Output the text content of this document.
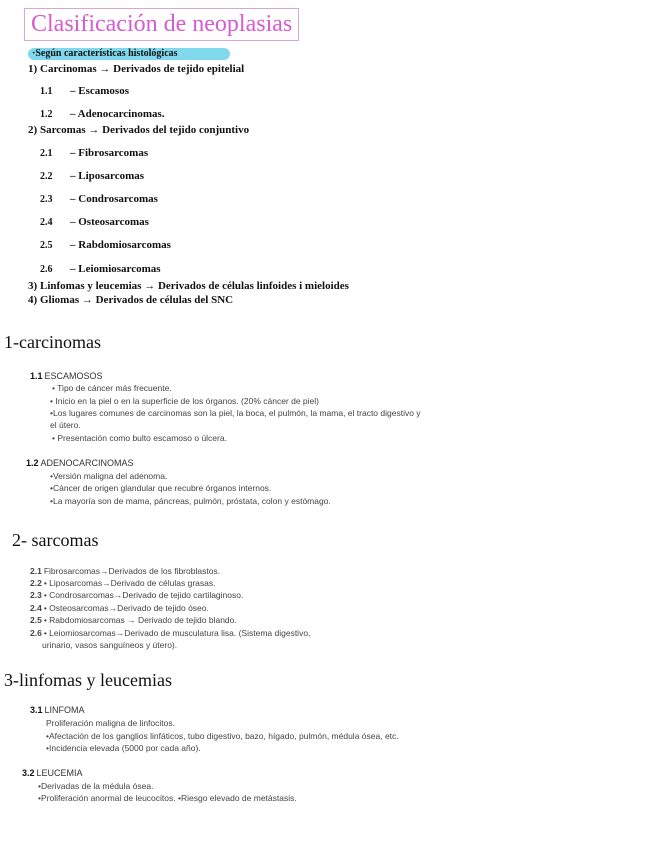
Clasificación de neoplasias
·Según características histológicas
1) Carcinomas → Derivados de tejido epitelial
1.1 – Escamosos
1.2 – Adenocarcinomas.
2) Sarcomas → Derivados del tejido conjuntivo
2.1 – Fibrosarcomas
2.2 – Liposarcomas
2.3 – Condrosarcomas
2.4 – Osteosarcomas
2.5 – Rabdomiosarcomas
2.6 – Leiomiosarcomas
3) Linfomas y leucemias → Derivados de células linfoides i mieloides
4) Gliomas → Derivados de células del SNC
1-carcinomas
1.1 ESCAMOSOS
• Tipo de cáncer más frecuente.
• Inicio en la piel o en la superficie de los órganos. (20% cáncer de piel)
•Los lugares comunes de carcinomas son la piel, la boca, el pulmón, la mama, el tracto digestivo y
el útero.
• Presentación como bulto escamoso o úlcera.
1.2 ADENOCARCINOMAS
•Versión maligna del adenoma.
•Cáncer de origen glandular que recubre órganos internos.
•La mayoría son de mama, páncreas, pulmón, próstata, colon y estómago.
2- sarcomas
2.1 Fibrosarcomas→Derivados de los fibroblastos.
2.2 • Liposarcomas→Derivado de células grasas.
2.3 • Condrosarcomas→Derivado de tejido cartilaginoso.
2.4 • Osteosarcomas→Derivado de tejido óseo.
2.5 • Rabdomiosarcomas → Derivado de tejido blando.
2.6 • Leiomiosarcomas→Derivado de musculatura lisa. (Sistema digestivo,
urinario, vasos sanguíneos y útero).
3-linfomas y leucemias
3.1 LINFOMA
Proliferación maligna de linfocitos.
•Afectación de los ganglios linfáticos, tubo digestivo, bazo, hígado, pulmón, médula ósea, etc.
•Incidencia elevada (5000 por cada año).
3.2 LEUCEMIA
•Derivadas de la médula ósea.
•Proliferación anormal de leucocitos. •Riesgo elevado de metástasis.
